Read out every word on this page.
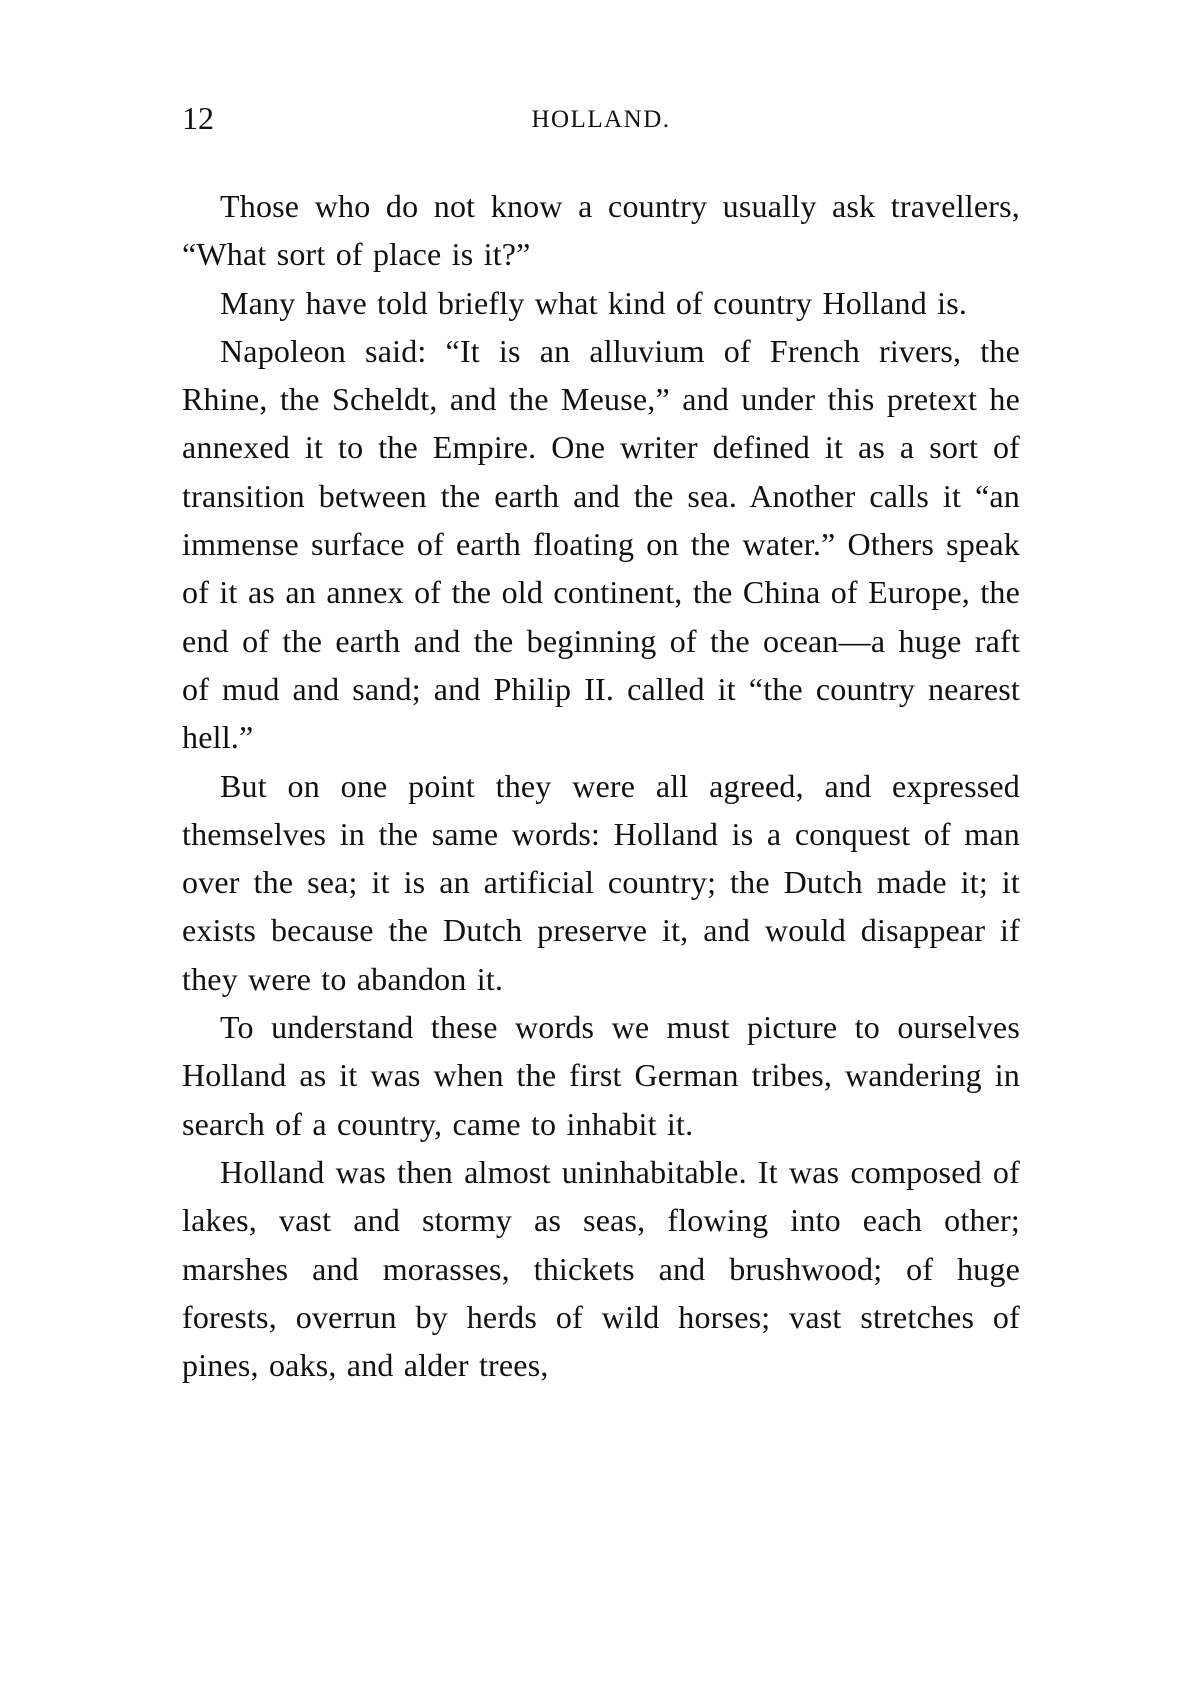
12	HOLLAND.

Those who do not know a country usually ask travellers, “What sort of place is it?”

Many have told briefly what kind of country Holland is.

Napoleon said: “It is an alluvium of French rivers, the Rhine, the Scheldt, and the Meuse,” and under this pretext he annexed it to the Empire. One writer defined it as a sort of transition between the earth and the sea. Another calls it “an immense surface of earth floating on the water.” Others speak of it as an annex of the old continent, the China of Europe, the end of the earth and the beginning of the ocean—a huge raft of mud and sand; and Philip II. called it “the country nearest hell.”

But on one point they were all agreed, and expressed themselves in the same words: Holland is a conquest of man over the sea; it is an artificial country; the Dutch made it; it exists because the Dutch preserve it, and would disappear if they were to abandon it.

To understand these words we must picture to ourselves Holland as it was when the first German tribes, wandering in search of a country, came to inhabit it.

Holland was then almost uninhabitable. It was composed of lakes, vast and stormy as seas, flowing into each other; marshes and morasses, thickets and brushwood; of huge forests, overrun by herds of wild horses; vast stretches of pines, oaks, and alder trees,
